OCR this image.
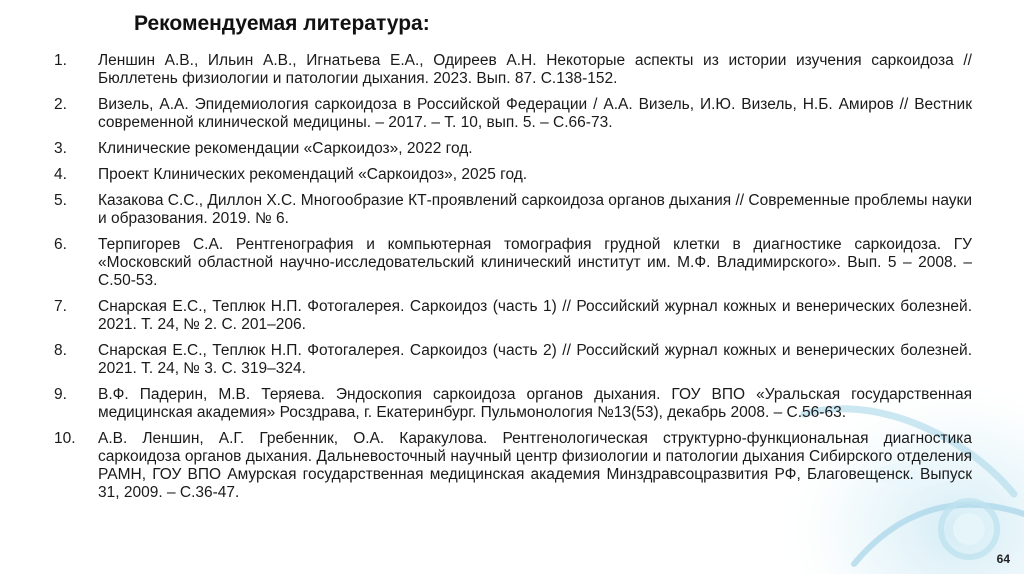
Рекомендуемая литература:
1.	Леншин А.В., Ильин А.В., Игнатьева Е.А., Одиреев А.Н. Некоторые аспекты из истории изучения саркоидоза // Бюллетень физиологии и патологии дыхания. 2023. Вып. 87. С.138-152.
2.	Визель, А.А. Эпидемиология саркоидоза в Российской Федерации / А.А. Визель, И.Ю. Визель, Н.Б. Амиров // Вестник современной клинической медицины. – 2017. – Т. 10, вып. 5. – С.66-73.
3.	Клинические рекомендации «Саркоидоз», 2022 год.
4.	Проект Клинических рекомендаций «Саркоидоз», 2025 год.
5.	Казакова С.С., Диллон Х.С. Многообразие КТ-проявлений саркоидоза органов дыхания // Современные проблемы науки и образования. 2019. № 6.
6.	Терпигорев С.А. Рентгенография и компьютерная томография грудной клетки в диагностике саркоидоза. ГУ «Московский областной научно-исследовательский клинический институт им. М.Ф. Владимирского». Вып. 5 – 2008. – С.50-53.
7.	Снарская Е.С., Теплюк Н.П. Фотогалерея. Саркоидоз (часть 1) // Российский журнал кожных и венерических болезней. 2021. Т. 24, № 2. С. 201–206.
8.	Снарская Е.С., Теплюк Н.П. Фотогалерея. Саркоидоз (часть 2) // Российский журнал кожных и венерических болезней. 2021. Т. 24, № 3. С. 319–324.
9.	В.Ф. Падерин, М.В. Теряева. Эндоскопия саркоидоза органов дыхания. ГОУ ВПО «Уральская государственная медицинская академия» Росздрава, г. Екатеринбург. Пульмонология №13(53), декабрь 2008. – С.56-63.
10.	А.В. Леншин, А.Г. Гребенник, О.А. Каракулова. Рентгенологическая структурно-функциональная диагностика саркоидоза органов дыхания. Дальневосточный научный центр физиологии и патологии дыхания Сибирского отделения РАМН, ГОУ ВПО Амурская государственная медицинская академия Минздравсоцразвития РФ, Благовещенск. Выпуск 31, 2009. – С.36-47.
64
